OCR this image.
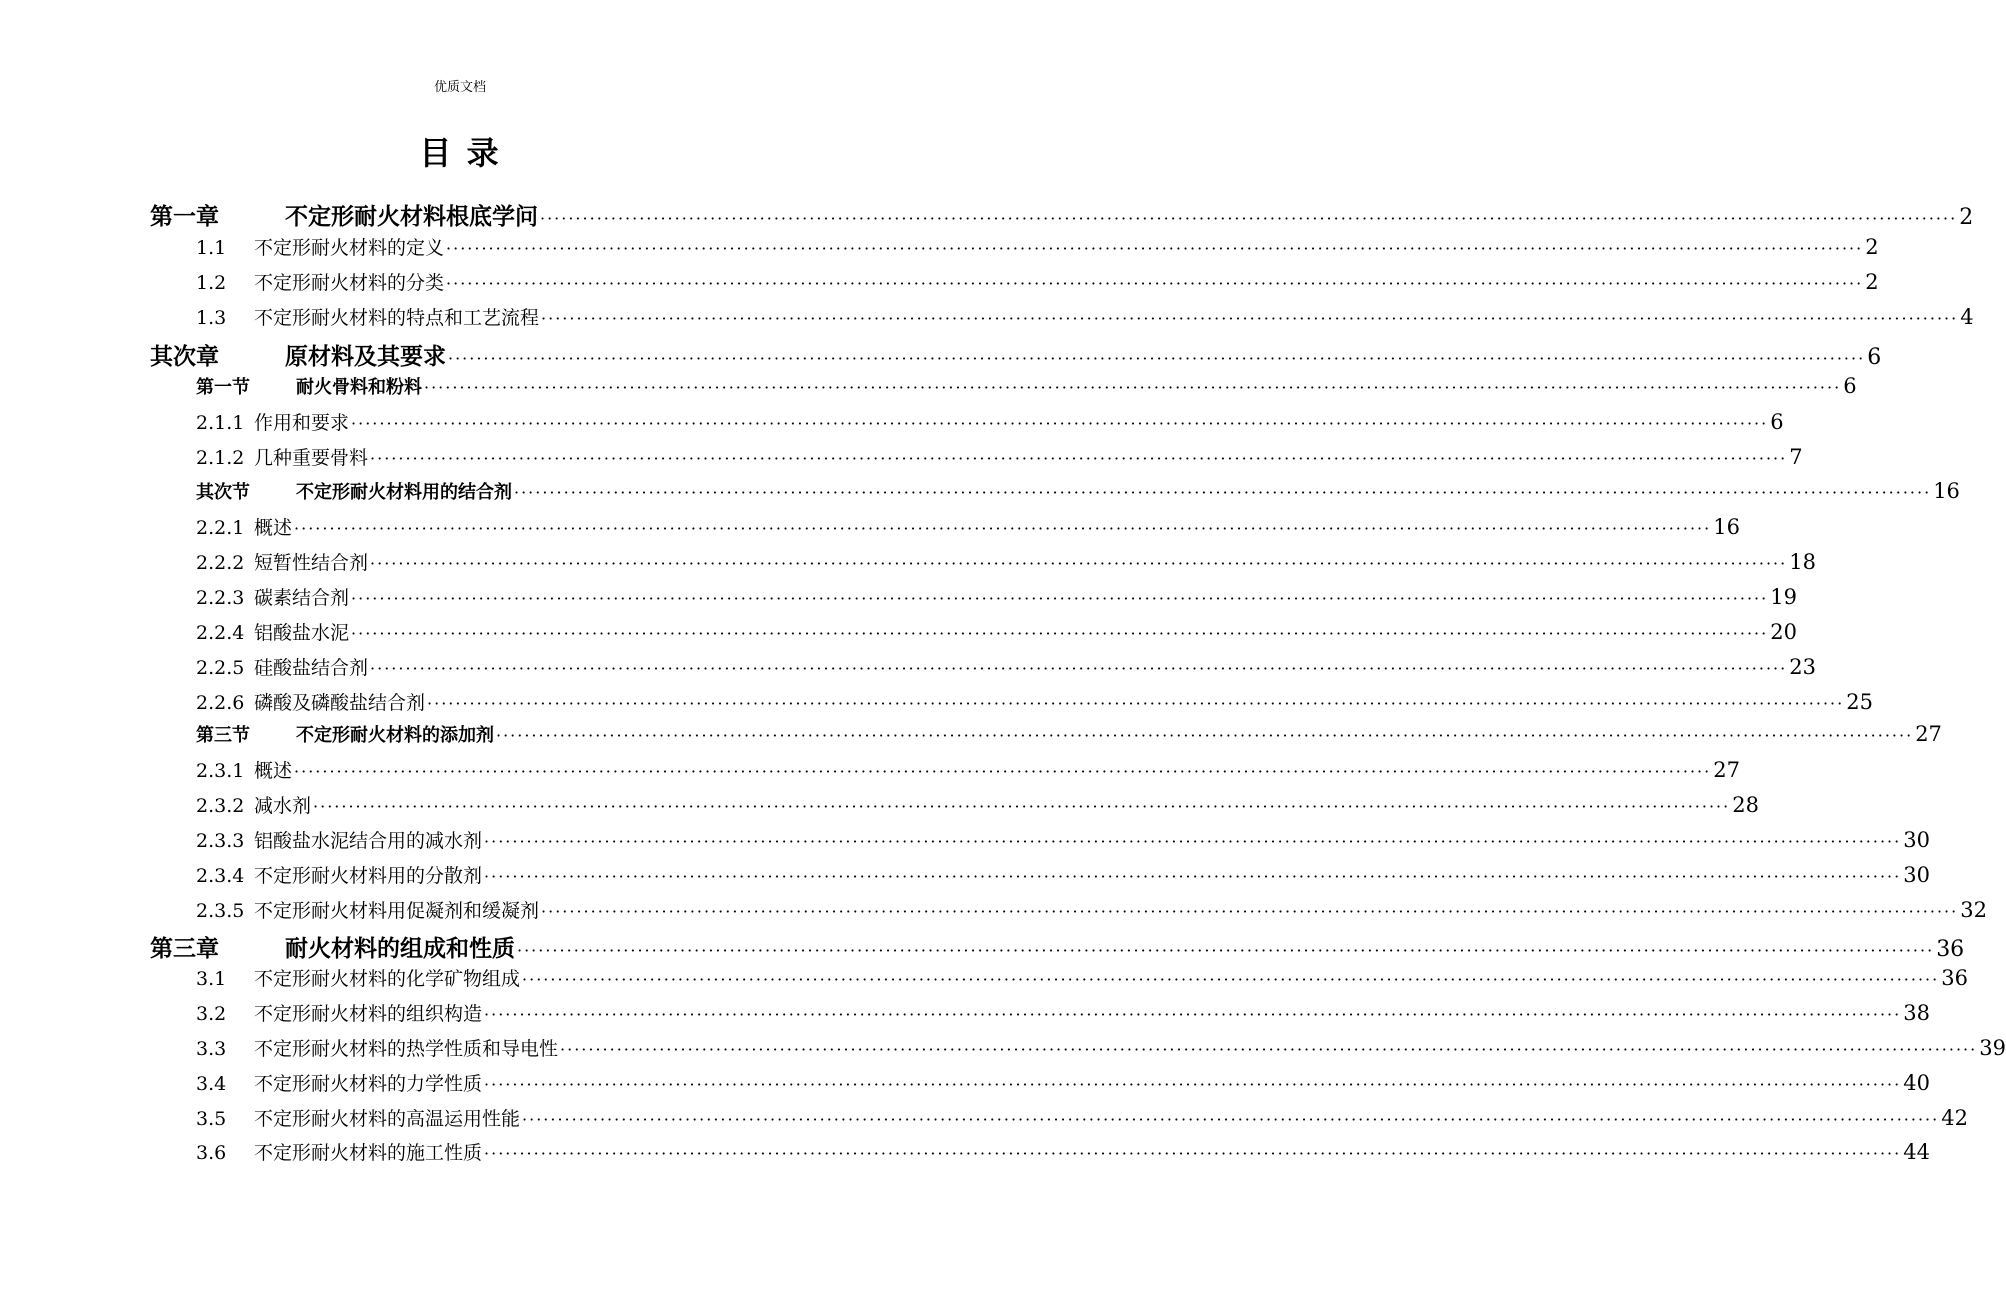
优质文档
目 录
第一章	不定形耐火材料根底学问 ········································································································································································································ 2
1.1	不定形耐火材料的定义 ········································································································································································································ 2
1.2	不定形耐火材料的分类 ········································································································································································································ 2
1.3	不定形耐火材料的特点和工艺流程 ········································································································································································································ 4
其次章	原材料及其要求 ········································································································································································································ 6
第一节	耐火骨料和粉料 ········································································································································································································ 6
2.1.1 作用和要求 ········································································································································································································ 6
2.1.2 几种重要骨料 ········································································································································································································ 7
其次节	不定形耐火材料用的结合剂 ········································································································································································································ 16
2.2.1 概述 ········································································································································································································ 16
2.2.2 短暂性结合剂 ········································································································································································································ 18
2.2.3 碳素结合剂 ········································································································································································································ 19
2.2.4 铝酸盐水泥 ········································································································································································································ 20
2.2.5 硅酸盐结合剂 ········································································································································································································ 23
2.2.6 磷酸及磷酸盐结合剂 ········································································································································································································ 25
第三节	不定形耐火材料的添加剂 ········································································································································································································ 27
2.3.1 概述 ········································································································································································································ 27
2.3.2 减水剂 ········································································································································································································ 28
2.3.3 铝酸盐水泥结合用的减水剂 ········································································································································································································ 30
2.3.4 不定形耐火材料用的分散剂 ········································································································································································································ 30
2.3.5 不定形耐火材料用促凝剂和缓凝剂 ········································································································································································································ 32
第三章	耐火材料的组成和性质 ········································································································································································································ 36
3.1	不定形耐火材料的化学矿物组成 ········································································································································································································ 36
3.2	不定形耐火材料的组织构造 ········································································································································································································ 38
3.3	不定形耐火材料的热学性质和导电性 ········································································································································································································ 39
3.4	不定形耐火材料的力学性质 ········································································································································································································ 40
3.5	不定形耐火材料的高温运用性能 ········································································································································································································ 42
3.6	不定形耐火材料的施工性质 ········································································································································································································ 44
